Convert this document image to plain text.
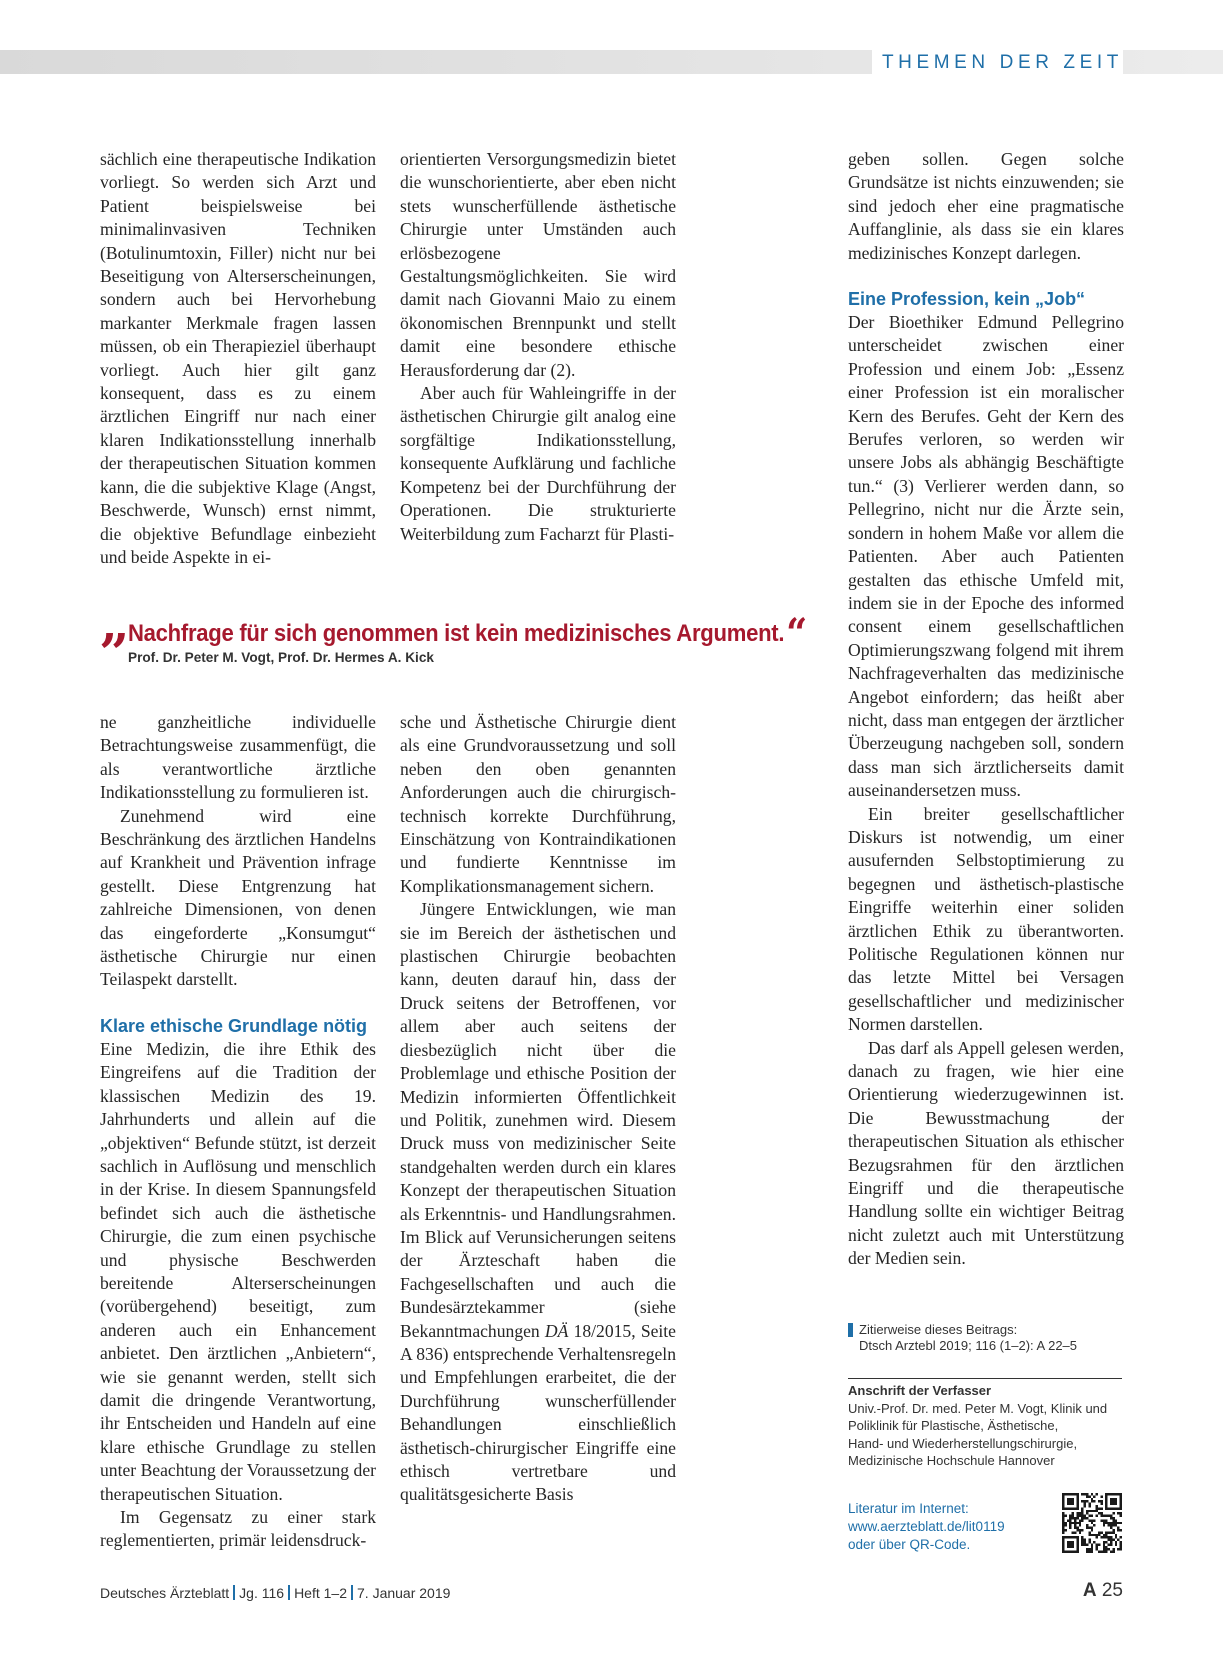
THEMEN DER ZEIT

sächlich eine therapeutische Indikation vorliegt. So werden sich Arzt und Patient beispielsweise bei minimalinvasiven Techniken (Botulinumtoxin, Filler) nicht nur bei Beseitigung von Alterserscheinungen, sondern auch bei Hervorhebung markanter Merkmale fragen lassen müssen, ob ein Therapieziel überhaupt vorliegt. Auch hier gilt ganz konsequent, dass es zu einem ärztlichen Eingriff nur nach einer klaren Indikationsstellung innerhalb der therapeutischen Situation kommen kann, die die subjektive Klage (Angst, Beschwerde, Wunsch) ernst nimmt, die objektive Befundlage einbezieht und beide Aspekte in ei-

orientierten Versorgungsmedizin bietet die wunschorientierte, aber eben nicht stets wunscherfüllende ästhetische Chirurgie unter Umständen auch erlösbezogene Gestaltungsmöglichkeiten. Sie wird damit nach Giovanni Maio zu einem ökonomischen Brennpunkt und stellt damit eine besondere ethische Herausforderung dar (2).

Aber auch für Wahleingriffe in der ästhetischen Chirurgie gilt analog eine sorgfältige Indikationsstellung, konsequente Aufklärung und fachliche Kompetenz bei der Durchführung der Operationen. Die strukturierte Weiterbildung zum Facharzt für Plasti-

„
Nachfrage für sich genommen ist kein medizinisches Argument.“
Prof. Dr. Peter M. Vogt, Prof. Dr. Hermes A. Kick

ne ganzheitliche individuelle Betrachtungsweise zusammenfügt, die als verantwortliche ärztliche Indikationsstellung zu formulieren ist.

Zunehmend wird eine Beschränkung des ärztlichen Handelns auf Krankheit und Prävention infrage gestellt. Diese Entgrenzung hat zahlreiche Dimensionen, von denen das eingeforderte „Konsumgut“ ästhetische Chirurgie nur einen Teilaspekt darstellt.

Klare ethische Grundlage nötig

Eine Medizin, die ihre Ethik des Eingreifens auf die Tradition der klassischen Medizin des 19. Jahrhunderts und allein auf die „objektiven“ Befunde stützt, ist derzeit sachlich in Auflösung und menschlich in der Krise. In diesem Spannungsfeld befindet sich auch die ästhetische Chirurgie, die zum einen psychische und physische Beschwerden bereitende Alterserscheinungen (vorübergehend) beseitigt, zum anderen auch ein Enhancement anbietet. Den ärztlichen „Anbietern“, wie sie genannt werden, stellt sich damit die dringende Verantwortung, ihr Entscheiden und Handeln auf eine klare ethische Grundlage zu stellen unter Beachtung der Voraussetzung der therapeutischen Situation.

Im Gegensatz zu einer stark reglementierten, primär leidensdruck-

sche und Ästhetische Chirurgie dient als eine Grundvoraussetzung und soll neben den oben genannten Anforderungen auch die chirurgisch-technisch korrekte Durchführung, Einschätzung von Kontraindikationen und fundierte Kenntnisse im Komplikationsmanagement sichern.

Jüngere Entwicklungen, wie man sie im Bereich der ästhetischen und plastischen Chirurgie beobachten kann, deuten darauf hin, dass der Druck seitens der Betroffenen, vor allem aber auch seitens der diesbezüglich nicht über die Problemlage und ethische Position der Medizin informierten Öffentlichkeit und Politik, zunehmen wird. Diesem Druck muss von medizinischer Seite standgehalten werden durch ein klares Konzept der therapeutischen Situation als Erkenntnis- und Handlungsrahmen. Im Blick auf Verunsicherungen seitens der Ärzteschaft haben die Fachgesellschaften und auch die Bundesärztekammer (siehe Bekanntmachungen DÄ 18/2015, Seite A 836) entsprechende Verhaltensregeln und Empfehlungen erarbeitet, die der Durchführung wunscherfüllender Behandlungen einschließlich ästhetisch-chirurgischer Eingriffe eine ethisch vertretbare und qualitätsgesicherte Basis

geben sollen. Gegen solche Grundsätze ist nichts einzuwenden; sie sind jedoch eher eine pragmatische Auffanglinie, als dass sie ein klares medizinisches Konzept darlegen.

Eine Profession, kein „Job“

Der Bioethiker Edmund Pellegrino unterscheidet zwischen einer Profession und einem Job: „Essenz einer Profession ist ein moralischer Kern des Berufes. Geht der Kern des Berufes verloren, so werden wir unsere Jobs als abhängig Beschäftigte tun.“ (3) Verlierer werden dann, so Pellegrino, nicht nur die Ärzte sein, sondern in hohem Maße vor allem die Patienten. Aber auch Patienten gestalten das ethische Umfeld mit, indem sie in der Epoche des informed consent einem gesellschaftlichen Optimierungszwang folgend mit ihrem Nachfrageverhalten das medizinische Angebot einfordern; das heißt aber nicht, dass man entgegen der ärztlicher Überzeugung nachgeben soll, sondern dass man sich ärztlicherseits damit auseinandersetzen muss.

Ein breiter gesellschaftlicher Diskurs ist notwendig, um einer ausufernden Selbstoptimierung zu begegnen und ästhetisch-plastische Eingriffe weiterhin einer soliden ärztlichen Ethik zu überantworten. Politische Regulationen können nur das letzte Mittel bei Versagen gesellschaftlicher und medizinischer Normen darstellen.

Das darf als Appell gelesen werden, danach zu fragen, wie hier eine Orientierung wiederzugewinnen ist. Die Bewusstmachung der therapeutischen Situation als ethischer Bezugsrahmen für den ärztlichen Eingriff und die therapeutische Handlung sollte ein wichtiger Beitrag nicht zuletzt auch mit Unterstützung der Medien sein.

Zitierweise dieses Beitrags:
Dtsch Arztebl 2019; 116 (1–2): A 22–5
Anschrift der Verfasser
Univ.-Prof. Dr. med. Peter M. Vogt, Klinik und
Poliklinik für Plastische, Ästhetische,
Hand- und Wiederherstellungschirurgie,
Medizinische Hochschule Hannover
Literatur im Internet:
www.aerzteblatt.de/lit0119
oder über QR-Code.
Deutsches Ärzteblatt Jg. 116 Heft 1–2 7. Januar 2019	A 25
